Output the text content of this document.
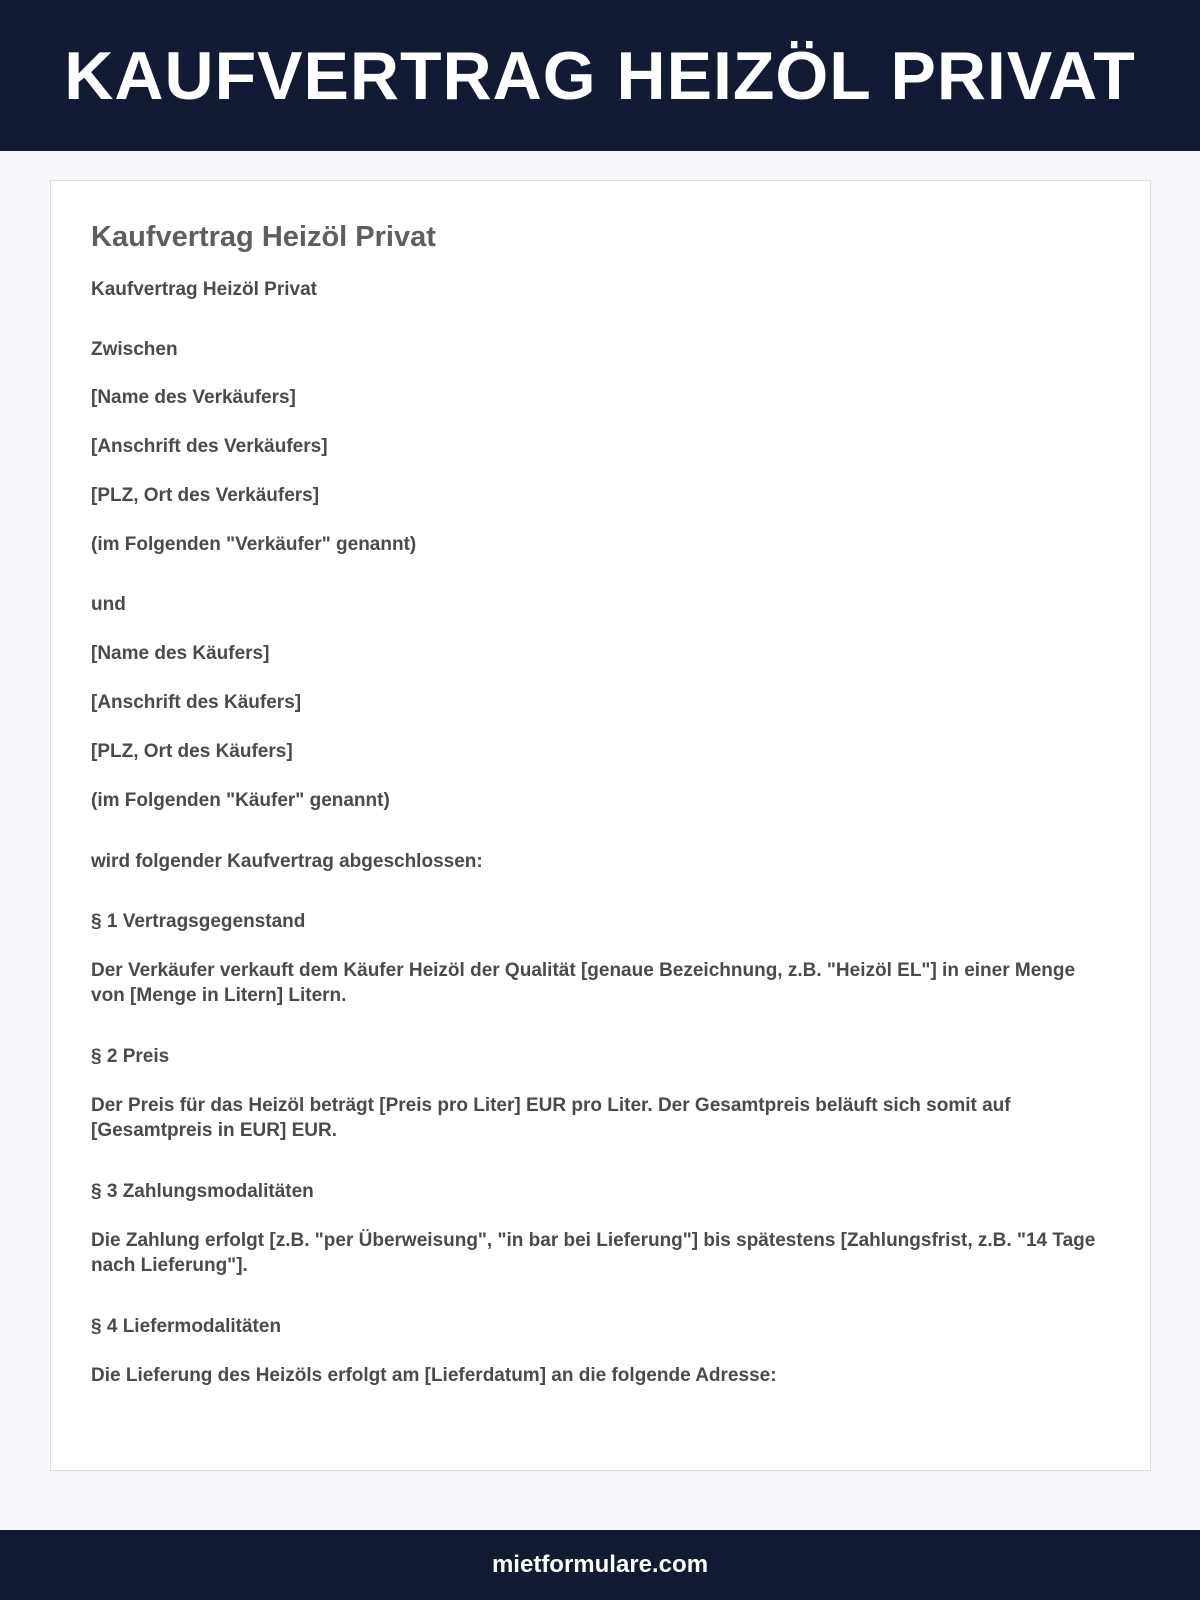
KAUFVERTRAG HEIZÖL PRIVAT
Kaufvertrag Heizöl Privat
Kaufvertrag Heizöl Privat
Zwischen
[Name des Verkäufers]
[Anschrift des Verkäufers]
[PLZ, Ort des Verkäufers]
(im Folgenden "Verkäufer" genannt)
und
[Name des Käufers]
[Anschrift des Käufers]
[PLZ, Ort des Käufers]
(im Folgenden "Käufer" genannt)
wird folgender Kaufvertrag abgeschlossen:
§ 1 Vertragsgegenstand
Der Verkäufer verkauft dem Käufer Heizöl der Qualität [genaue Bezeichnung, z.B. "Heizöl EL"] in einer Menge von [Menge in Litern] Litern.
§ 2 Preis
Der Preis für das Heizöl beträgt [Preis pro Liter] EUR pro Liter. Der Gesamtpreis beläuft sich somit auf [Gesamtpreis in EUR] EUR.
§ 3 Zahlungsmodalitäten
Die Zahlung erfolgt [z.B. "per Überweisung", "in bar bei Lieferung"] bis spätestens [Zahlungsfrist, z.B. "14 Tage nach Lieferung"].
§ 4 Liefermodalitäten
Die Lieferung des Heizöls erfolgt am [Lieferdatum] an die folgende Adresse:
mietformulare.com
